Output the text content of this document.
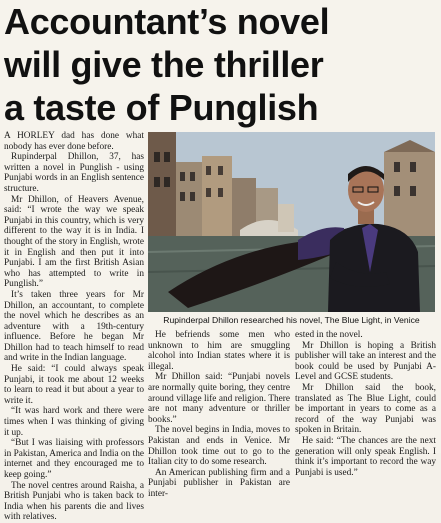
Accountant’s novel
will give the thriller
a taste of Punglish

A HORLEY dad has done what nobody has ever done before.

Rupinderpal Dhillon, 37, has written a novel in Punglish - using Punjabi words in an English sentence structure.

Mr Dhillon, of Heavers Avenue, said: “I wrote the way we speak Punjabi in this country, which is very different to the way it is in India. I thought of the story in English, wrote it in English and then put it into Punjabi. I am the first British Asian who has attempted to write in Punglish.”

It’s taken three years for Mr Dhillon, an accountant, to complete the novel which he describes as an adventure with a 19th-century influence. Before he began Mr Dhillon had to teach himself to read and write in the Indian language.

He said: “I could always speak Punjabi, it took me about 12 weeks to learn to read it but about a year to write it.

“It was hard work and there were times when I was thinking of giving it up.

“But I was liaising with professors in Pakistan, America and India on the internet and they encouraged me to keep going.”

The novel centres around Raisha, a British Punjabi who is taken back to India when his parents die and lives with relatives.

Rupinderpal Dhillon researched his novel, The Blue Light, in Venice

He befriends some men who unknown to him are smuggling alcohol into Indian states where it is illegal.

Mr Dhillon said: “Punjabi novels are normally quite boring, they centre around village life and religion. There are not many adventure or thriller books.”

The novel begins in India, moves to Pakistan and ends in Venice. Mr Dhillon took time out to go to the Italian city to do some research.

An American publishing firm and a Punjabi publisher in Pakistan are inter-

ested in the novel.

Mr Dhillon is hoping a British publisher will take an interest and the book could be used by Punjabi A-Level and GCSE students.

Mr Dhillon said the book, translated as The Blue Light, could be important in years to come as a record of the way Punjabi was spoken in Britain.

He said: “The chances are the next generation will only speak English. I think it’s important to record the way Punjabi is used.”
